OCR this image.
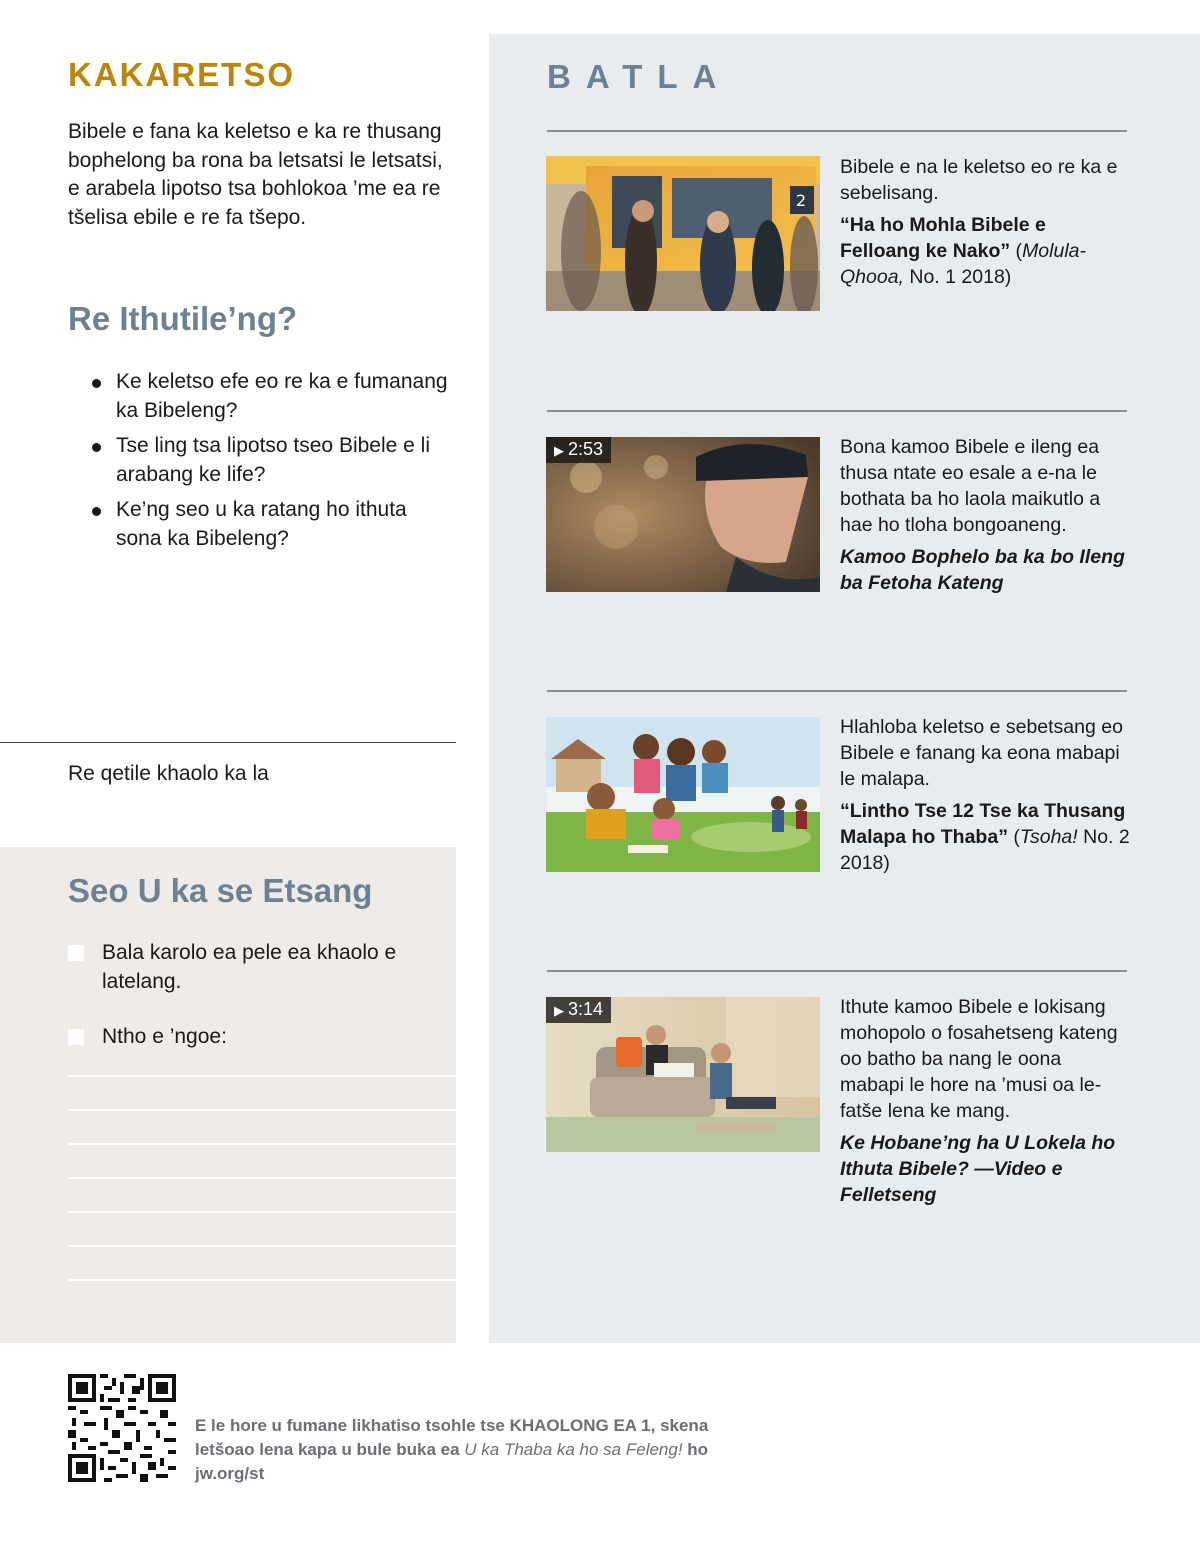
KAKARETSO

Bibele e fana ka keletso e ka re thusang bophelong ba rona ba letsatsi le letsatsi, e arabela lipotso tsa bohlokoa ’me ea re tšelisa ebile e re fa tšepo.

Re Ithutile’ng?
Ke keletso efe eo re ka e fumanang ka Bibeleng?
Tse ling tsa lipotso tseo Bibele e li arabang ke life?
Ke’ng seo u ka ratang ho ithuta sona ka Bibeleng?
Re qetile khaolo ka la
Seo U ka se Etsang
Bala karolo ea pele ea khaolo e latelang.
Ntho e ’ngoe:
BATLA
2
Bibele e na le keletso eo re ka e sebelisang.
“Ha ho Mohla Bibele e Felloang ke Nako” (Molula-Qhooa, No. 1 2018)
▶ 2:53	Bona kamoo Bibele e ileng ea thusa ntate eo esale a e-na le bothata ba ho laola maikutlo a hae ho tloha bongoaneng.
Kamoo Bophelo ba ka bo Ileng ba Fetoha Kateng
Hlahloba keletso e sebetsang eo Bibele e fanang ka eona mabapi le malapa.
“Lintho Tse 12 Tse ka Thusang Malapa ho Thaba” (Tsoha! No. 2 2018)
▶ 3:14	Ithute kamoo Bibele e lokisang mohopolo o fosahetseng kateng oo batho ba nang le oona mabapi le hore na ’musi oa lefatše lena ke mang.
Ke Hobane’ng ha U Lokela ho Ithuta Bibele? —Video e Felletseng

E le hore u fumane likhatiso tsohle tse KHAOLONG EA 1, skena letšoao lena kapa u bule buka ea U ka Thaba ka ho sa Feleng! ho jw.org/st
